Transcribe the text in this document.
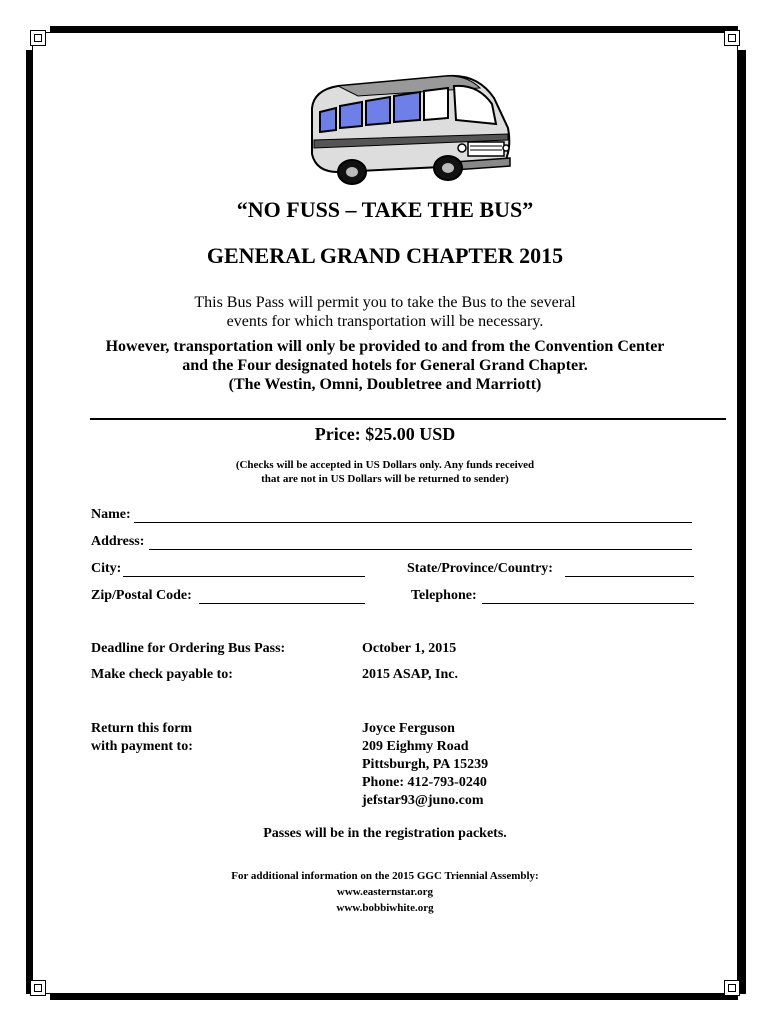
“NO FUSS – TAKE THE BUS”
GENERAL GRAND CHAPTER 2015
This Bus Pass will permit you to take the Bus to the several
events for which transportation will be necessary.
However, transportation will only be provided to and from the Convention Center
and the Four designated hotels for General Grand Chapter.
(The Westin, Omni, Doubletree and Marriott)
Price: $25.00 USD
(Checks will be accepted in US Dollars only. Any funds received
that are not in US Dollars will be returned to sender)
Name:
Address:
City:	State/Province/Country:
Zip/Postal Code:	Telephone:
Deadline for Ordering Bus Pass:	October 1, 2015
Make check payable to:	2015 ASAP, Inc.
Return this form
with payment to:
Joyce Ferguson
209 Eighmy Road
Pittsburgh, PA 15239
Phone: 412-793-0240
jefstar93@juno.com
Passes will be in the registration packets.
For additional information on the 2015 GGC Triennial Assembly:
www.easternstar.org
www.bobbiwhite.org
